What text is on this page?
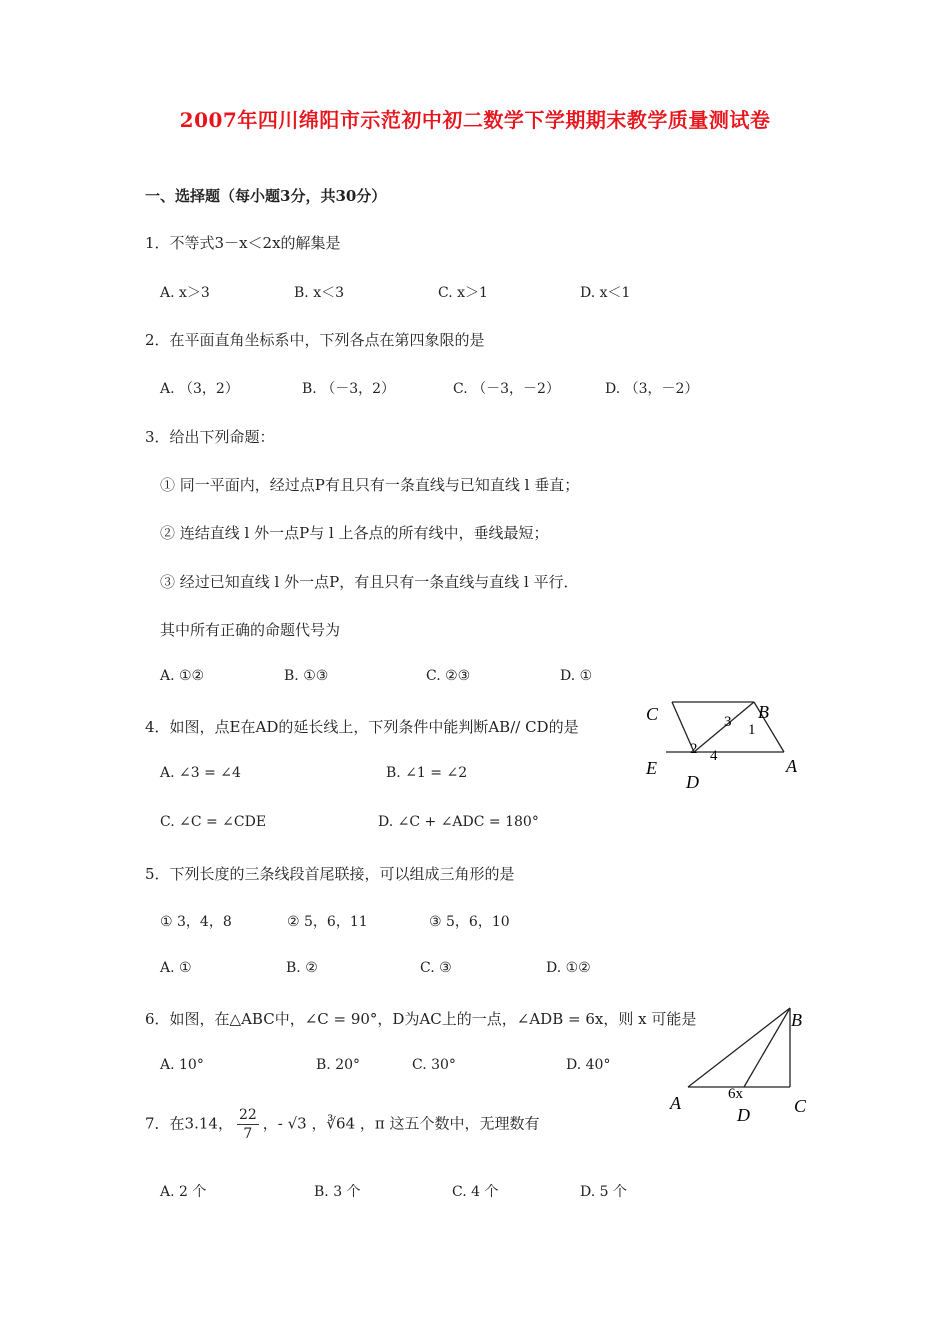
2007年四川绵阳市示范初中初二数学下学期期末教学质量测试卷
一、选择题（每小题3分，共30分）
1．不等式3－x＜2x的解集是
A. x＞3	B. x＜3	C. x＞1	D. x＜1
2．在平面直角坐标系中，下列各点在第四象限的是
A. （3，2）	B. （－3，2）	C. （－3，－2）	D. （3，－2）
3．给出下列命题：
① 同一平面内，经过点P有且只有一条直线与已知直线 l 垂直；
② 连结直线 l 外一点P与 l 上各点的所有线中，垂线最短；
③ 经过已知直线 l 外一点P，有且只有一条直线与直线 l 平行．
其中所有正确的命题代号为
A. ①②	B. ①③	C. ②③	D. ①
4．如图，点E在AD的延长线上，下列条件中能判断AB// CD的是
A. ∠3 = ∠4	B. ∠1 = ∠2
C. ∠C = ∠CDE	D. ∠C + ∠ADC = 180°
C	B
E
D
A
3 1
2 4
5．下列长度的三条线段首尾联接，可以组成三角形的是
① 3，4，8	② 5，6，11	③ 5，6，10
A. ①	B. ②	C. ③	D. ①②
6．如图，在△ABC中，∠C = 90°，D为AC上的一点，∠ADB = 6x，则 x 可能是
A. 10°	B. 20°	C. 30°	D. 40°
B
A	C
D
6x
7．在3.14， $\frac{22}{7}$ ，- √3 ，∛64 ，π 这五个数中，无理数有
A. 2 个	B. 3 个	C. 4 个	D. 5 个
